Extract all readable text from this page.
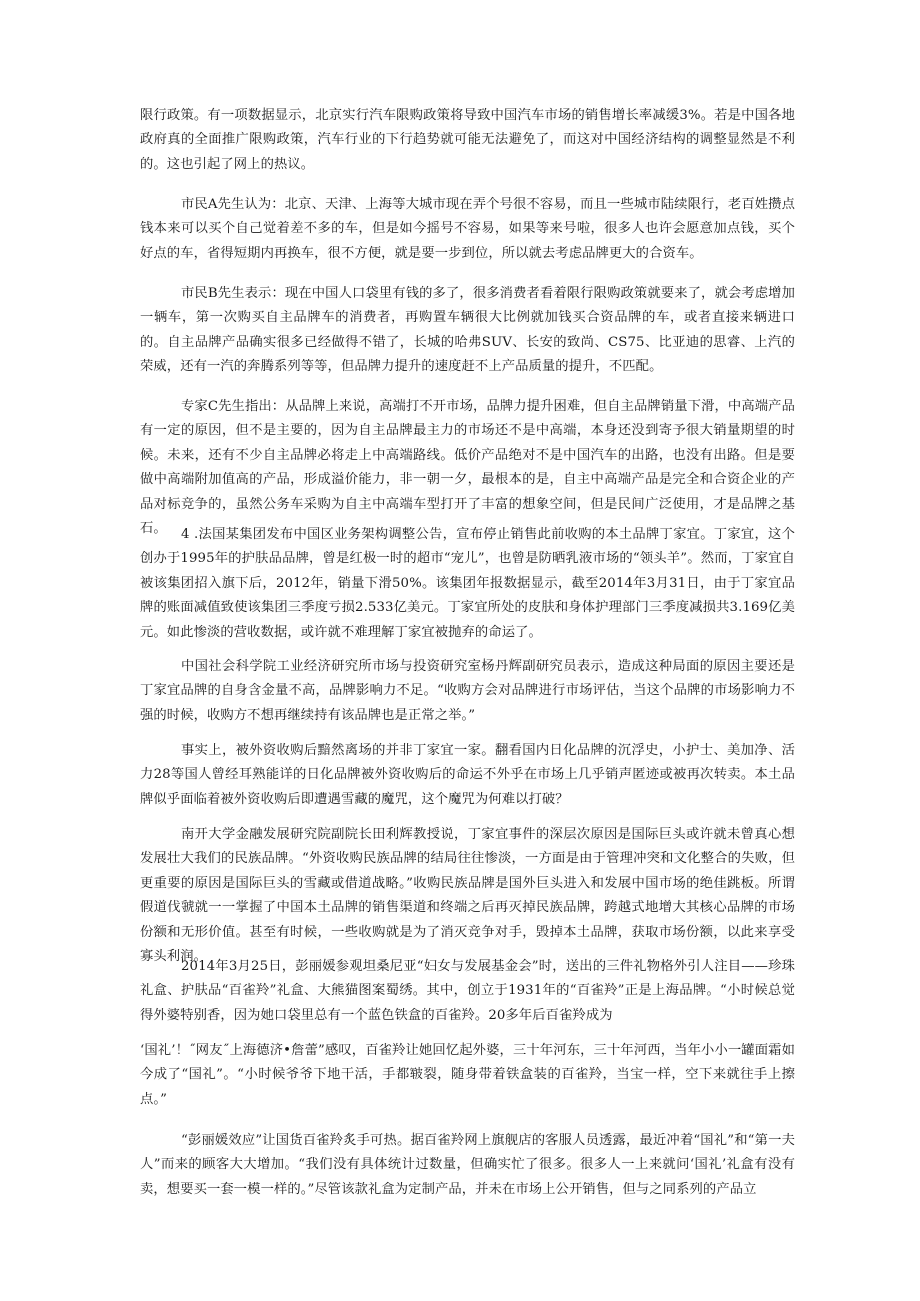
限行政策。有一项数据显示，北京实行汽车限购政策将导致中国汽车市场的销售增长率减缓3%。若是中国各地政府真的全面推广限购政策，汽车行业的下行趋势就可能无法避免了，而这对中国经济结构的调整显然是不利的。这也引起了网上的热议。

市民A先生认为：北京、天津、上海等大城市现在弄个号很不容易，而且一些城市陆续限行，老百姓攒点钱本来可以买个自己觉着差不多的车，但是如今摇号不容易，如果等来号啦，很多人也许会愿意加点钱，买个好点的车，省得短期内再换车，很不方便，就是要一步到位，所以就去考虑品牌更大的合资车。

市民B先生表示：现在中国人口袋里有钱的多了，很多消费者看着限行限购政策就要来了，就会考虑增加一辆车，第一次购买自主品牌车的消费者，再购置车辆很大比例就加钱买合资品牌的车，或者直接来辆进口的。自主品牌产品确实很多已经做得不错了，长城的哈弗SUV、长安的致尚、CS75、比亚迪的思睿、上汽的荣威，还有一汽的奔腾系列等等，但品牌力提升的速度赶不上产品质量的提升，不匹配。

专家C先生指出：从品牌上来说，高端打不开市场，品牌力提升困难，但自主品牌销量下滑，中高端产品有一定的原因，但不是主要的，因为自主品牌最主力的市场还不是中高端，本身还没到寄予很大销量期望的时候。未来，还有不少自主品牌必将走上中高端路线。低价产品绝对不是中国汽车的出路，也没有出路。但是要做中高端附加值高的产品，形成溢价能力，非一朝一夕，最根本的是，自主中高端产品是完全和合资企业的产品对标竞争的，虽然公务车采购为自主中高端车型打开了丰富的想象空间，但是民间广泛使用，才是品牌之基石。	4 .法国某集团发布中国区业务架构调整公告，宣布停止销售此前收购的本土品牌丁家宜。丁家宜，这个创办于1995年的护肤品品牌，曾是红极一时的超市“宠儿”，也曾是防晒乳液市场的“领头羊”。然而，丁家宜自被该集团招入旗下后，2012年，销量下滑50%。该集团年报数据显示，截至2014年3月31日，由于丁家宜品牌的账面减值致使该集团三季度亏损2.533亿美元。丁家宜所处的皮肤和身体护理部门三季度减损共3.169亿美元。如此惨淡的营收数据，或许就不难理解丁家宜被抛弃的命运了。

中国社会科学院工业经济研究所市场与投资研究室杨丹辉副研究员表示，造成这种局面的原因主要还是丁家宜品牌的自身含金量不高，品牌影响力不足。“收购方会对品牌进行市场评估，当这个品牌的市场影响力不强的时候，收购方不想再继续持有该品牌也是正常之举。”

事实上，被外资收购后黯然离场的并非丁家宜一家。翻看国内日化品牌的沉浮史，小护士、美加净、活力28等国人曾经耳熟能详的日化品牌被外资收购后的命运不外乎在市场上几乎销声匿迹或被再次转卖。本土品牌似乎面临着被外资收购后即遭遇雪藏的魔咒，这个魔咒为何难以打破？

南开大学金融发展研究院副院长田利辉教授说，丁家宜事件的深层次原因是国际巨头或许就未曾真心想发展壮大我们的民族品牌。“外资收购民族品牌的结局往往惨淡，一方面是由于管理冲突和文化整合的失败，但更重要的原因是国际巨头的雪藏或借道战略。”收购民族品牌是国外巨头进入和发展中国市场的绝佳跳板。所谓假道伐虢就一一掌握了中国本土品牌的销售渠道和终端之后再灭掉民族品牌，跨越式地增大其核心品牌的市场份额和无形价值。甚至有时候，一些收购就是为了消灭竞争对手，毁掉本土品牌，获取市场份额，以此来享受寡头利润。

2014年3月25日，彭丽媛参观坦桑尼亚“妇女与发展基金会”时，送出的三件礼物格外引人注目——珍珠礼盒、护肤品“百雀羚”礼盒、大熊猫图案蜀绣。其中，创立于1931年的“百雀羚”正是上海品牌。“小时候总觉得外婆特别香，因为她口袋里总有一个蓝色铁盒的百雀羚。20多年后百雀羚成为

‘国礼’！˝网友˝上海德济•詹蕾”感叹，百雀羚让她回忆起外婆，三十年河东，三十年河西，当年小小一罐面霜如今成了“国礼”。“小时候爷爷下地干活，手都皲裂，随身带着铁盒装的百雀羚，当宝一样，空下来就往手上擦点。”

“彭丽媛效应”让国货百雀羚炙手可热。据百雀羚网上旗舰店的客服人员透露，最近冲着“国礼”和“第一夫人”而来的顾客大大增加。“我们没有具体统计过数量，但确实忙了很多。很多人一上来就问‘国礼’礼盒有没有卖，想要买一套一模一样的。”尽管该款礼盒为定制产品，并未在市场上公开销售，但与之同系列的产品立
